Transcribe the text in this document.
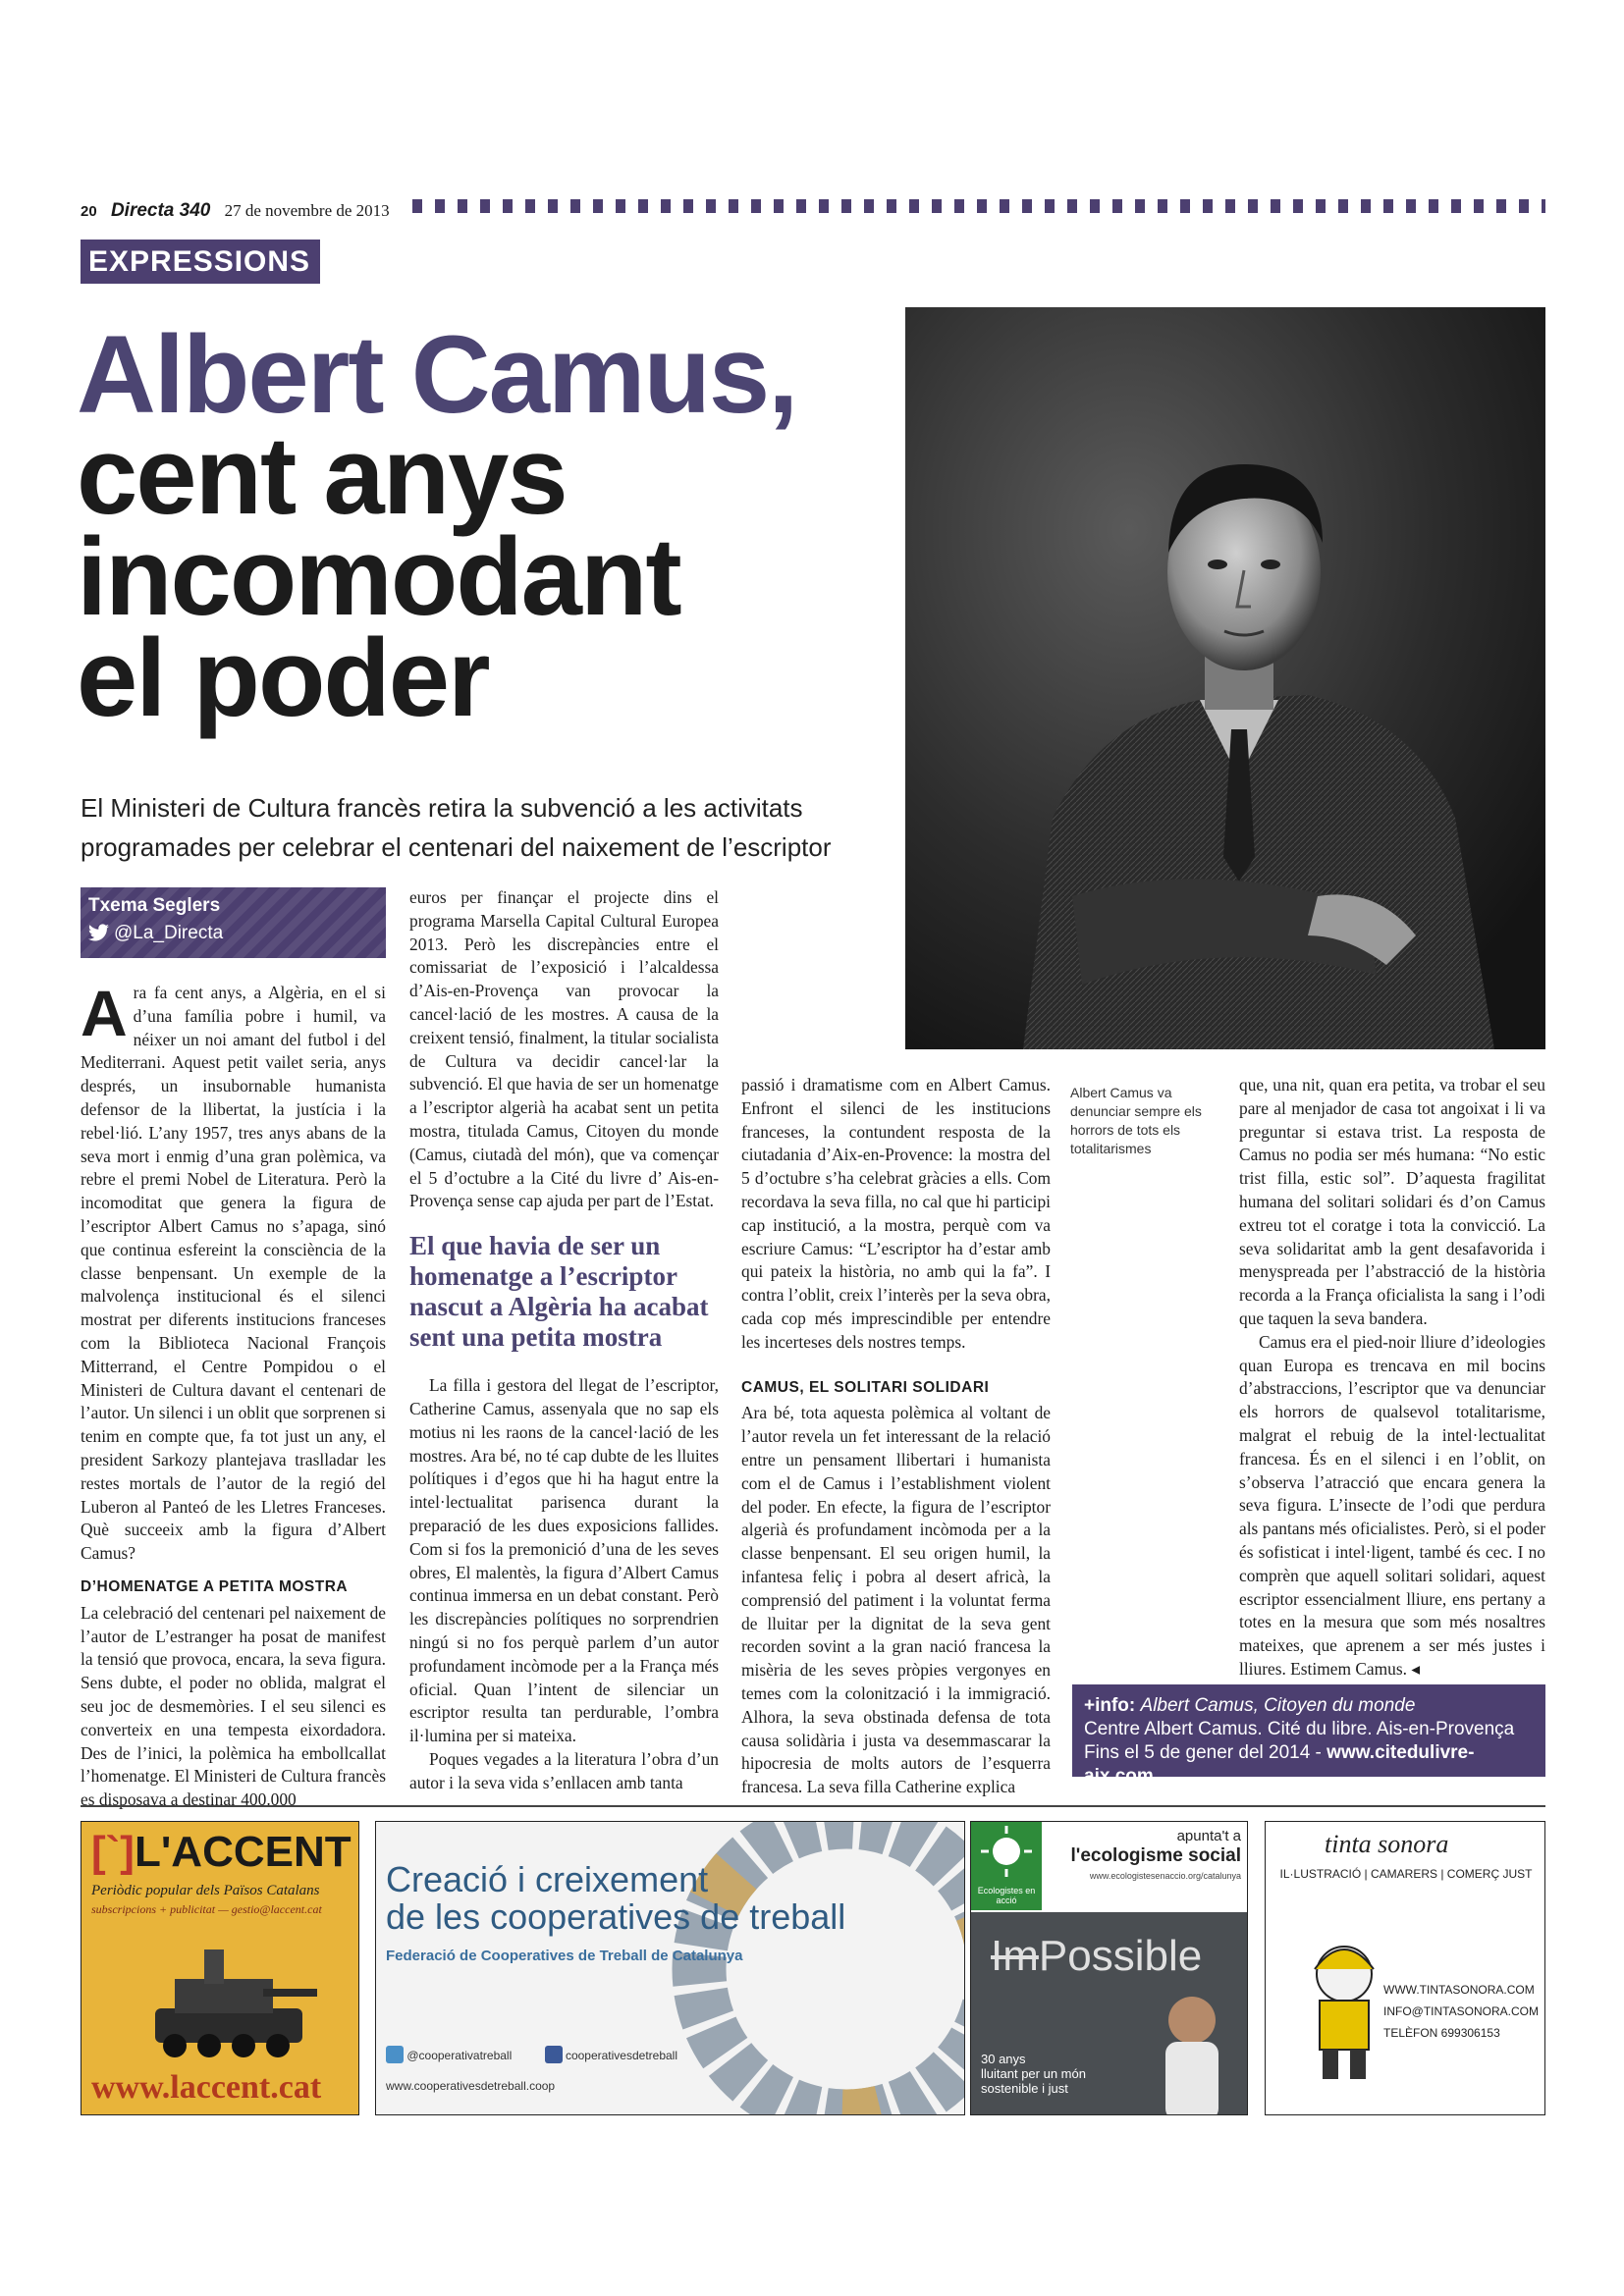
20 Directa 340 27 de novembre de 2013
EXPRESSIONS
Albert Camus,
cent anys
incomodant
el poder
El Ministeri de Cultura francès retira la subvenció a les activitats programades per celebrar el centenari del naixement de l’escriptor
Albert Camus va denunciar sempre els horrors de tots els totalitarismes
Txema Seglers
@La_Directa

Ara fa cent anys, a Algèria, en el si d’una família pobre i humil, va néixer un noi amant del futbol i del Mediterrani. Aquest petit vailet seria, anys després, un insubornable humanista defensor de la llibertat, la justícia i la rebel·lió. L’any 1957, tres anys abans de la seva mort i enmig d’una gran polèmica, va rebre el premi Nobel de Literatura. Però la incomoditat que genera la figura de l’escriptor Albert Camus no s’apaga, sinó que continua esfereint la consciència de la classe benpensant. Un exemple de la malvolença institucional és el silenci mostrat per diferents institucions franceses com la Biblioteca Nacional François Mitterrand, el Centre Pompidou o el Ministeri de Cultura davant el centenari de l’autor. Un silenci i un oblit que sorprenen si tenim en compte que, fa tot just un any, el president Sarkozy plantejava traslladar les restes mortals de l’autor de la regió del Luberon al Panteó de les Lletres Franceses. Què succeeix amb la figura d’Albert Camus?

D’HOMENATGE A PETITA MOSTRA

La celebració del centenari pel naixement de l’autor de L’estranger ha posat de manifest la tensió que provoca, encara, la seva figura. Sens dubte, el poder no oblida, malgrat el seu joc de desmemòries. I el seu silenci es converteix en una tempesta eixordadora. Des de l’inici, la polèmica ha embollcallat l’homenatge. El Ministeri de Cultura francès es disposava a destinar 400.000

euros per finançar el projecte dins el programa Marsella Capital Cultural Europea 2013. Però les discrepàncies entre el comissariat de l’exposició i l’alcaldessa d’Ais-en-Provença van provocar la cancel·lació de les mostres. A causa de la creixent tensió, finalment, la titular socialista de Cultura va decidir cancel·lar la subvenció. El que havia de ser un homenatge a l’escriptor algerià ha acabat sent un petita mostra, titulada Camus, Citoyen du monde (Camus, ciutadà del món), que va començar el 5 d’octubre a la Cité du livre d’ Ais-en-Provença sense cap ajuda per part de l’Estat.

El que havia de ser un homenatge a l’escriptor nascut a Algèria ha acabat sent una petita mostra

La filla i gestora del llegat de l’escriptor, Catherine Camus, assenyala que no sap els motius ni les raons de la cancel·lació de les mostres. Ara bé, no té cap dubte de les lluites polítiques i d’egos que hi ha hagut entre la intel·lectualitat parisenca durant la preparació de les dues exposicions fallides. Com si fos la premonició d’una de les seves obres, El malentès, la figura d’Albert Camus continua immersa en un debat constant. Però les discrepàncies polítiques no sorprendrien ningú si no fos perquè parlem d’un autor profundament incòmode per a la França més oficial. Quan l’intent de silenciar un escriptor resulta tan perdurable, l’ombra il·lumina per si mateixa.

Poques vegades a la literatura l’obra d’un autor i la seva vida s’enllacen amb tanta

passió i dramatisme com en Albert Camus. Enfront el silenci de les institucions franceses, la contundent resposta de la ciutadania d’Aix-en-Provence: la mostra del 5 d’octubre s’ha celebrat gràcies a ells. Com recordava la seva filla, no cal que hi participi cap institució, a la mostra, perquè com va escriure Camus: “L’escriptor ha d’estar amb qui pateix la història, no amb qui la fa”. I contra l’oblit, creix l’interès per la seva obra, cada cop més imprescindible per entendre les incerteses dels nostres temps.

CAMUS, EL SOLITARI SOLIDARI

Ara bé, tota aquesta polèmica al voltant de l’autor revela un fet interessant de la relació entre un pensament llibertari i humanista com el de Camus i l’establishment violent del poder. En efecte, la figura de l’escriptor algerià és profundament incòmoda per a la classe benpensant. El seu origen humil, la infantesa feliç i pobra al desert africà, la comprensió del patiment i la voluntat ferma de lluitar per la dignitat de la seva gent recorden sovint a la gran nació francesa la misèria de les seves pròpies vergonyes en temes com la colonització i la immigració. Alhora, la seva obstinada defensa de tota causa solidària i justa va desemmascarar la hipocresia de molts autors de l’esquerra francesa. La seva filla Catherine explica

que, una nit, quan era petita, va trobar el seu pare al menjador de casa tot angoixat i li va preguntar si estava trist. La resposta de Camus no podia ser més humana: “No estic trist filla, estic sol”. D’aquesta fragilitat humana del solitari solidari és d’on Camus extreu tot el coratge i tota la convicció. La seva solidaritat amb la gent desafavorida i menyspreada per l’abstracció de la història recorda a la França oficialista la sang i l’odi que taquen la seva bandera.

Camus era el pied-noir lliure d’ideologies quan Europa es trencava en mil bocins d’abstraccions, l’escriptor que va denunciar els horrors de qualsevol totalitarisme, malgrat el rebuig de la intel·lectualitat francesa. És en el silenci i en l’oblit, on s’observa l’atracció que encara genera la seva figura. L’insecte de l’odi que perdura als pantans més oficialistes. Però, si el poder és sofisticat i intel·ligent, també és cec. I no comprèn que aquell solitari solidari, aquest escriptor essencialment lliure, ens pertany a totes en la mesura que som més nosaltres mateixes, que aprenem a ser més justes i lliures. Estimem Camus. ◂

+info: Albert Camus, Citoyen du monde
Centre Albert Camus. Cité du libre. Ais-en-Provença
Fins el 5 de gener del 2014 - www.citedulivre-aix.com
[`]L'ACCENT
Periòdic popular dels Països Catalans
subscripcions + publicitat — gestio@laccent.cat
www.laccent.cat
Creació i creixement
de les cooperatives de treball
Federació de Cooperatives de Treball de Catalunya
@cooperativatreball	cooperativesdetreball
www.cooperativesdetreball.coop
Ecologistes en acció
apunta't a
l'ecologisme social
www.ecologistesenaccio.org/catalunya
ImPossible
30 anys
lluitant per un món
sostenible i just
tinta sonora
IL·LUSTRACIÓ | CAMARERS | COMERÇ JUST
WWW.TINTASONORA.COM
INFO@TINTASONORA.COM
TELÈFON 699306153
